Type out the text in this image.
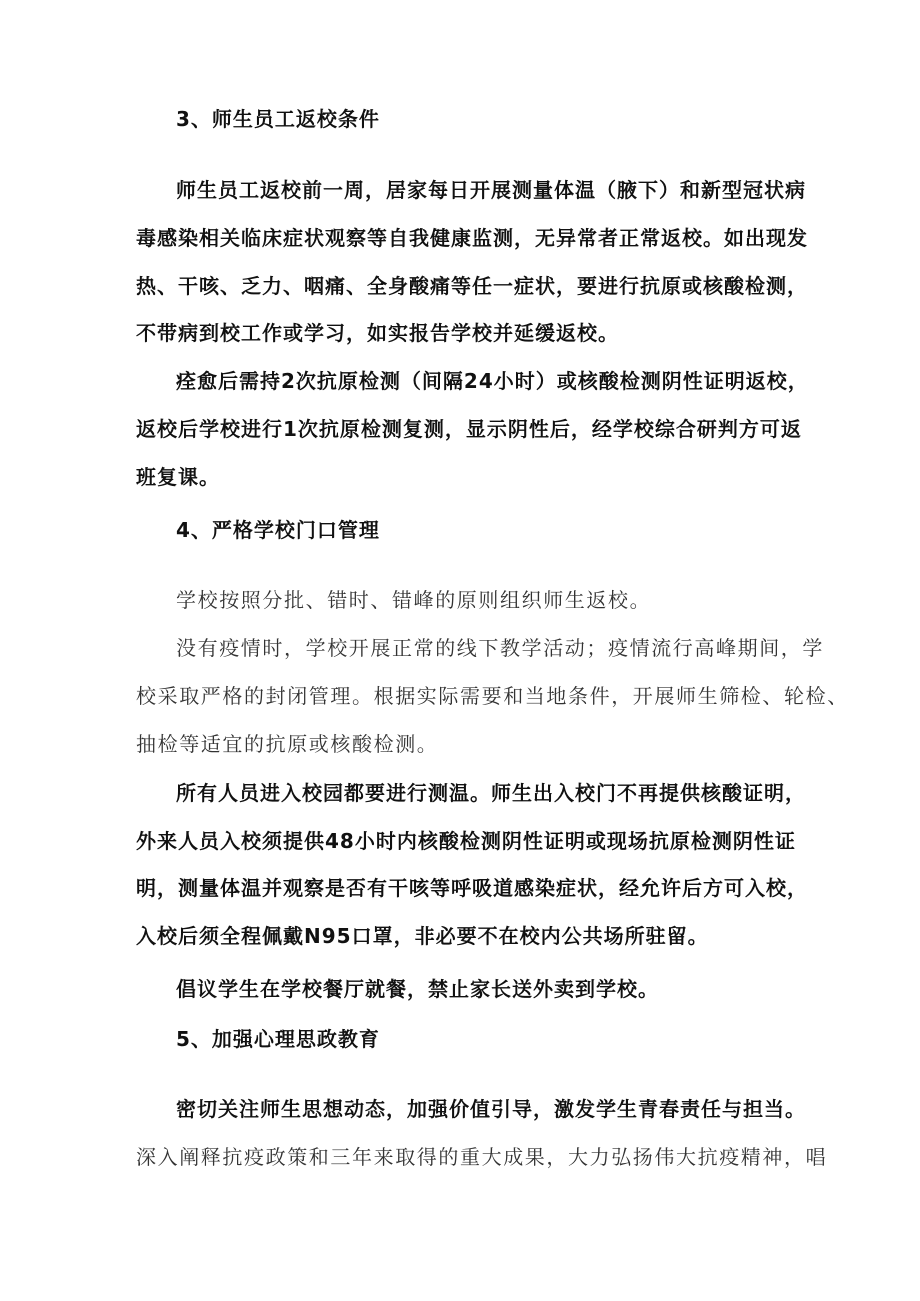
3、师生员工返校条件
师生员工返校前一周，居家每日开展测量体温（腋下）和新型冠状病
毒感染相关临床症状观察等自我健康监测，无异常者正常返校。如出现发
热、干咳、乏力、咽痛、全身酸痛等任一症状，要进行抗原或核酸检测，
不带病到校工作或学习，如实报告学校并延缓返校。
痊愈后需持2次抗原检测（间隔24小时）或核酸检测阴性证明返校，
返校后学校进行1次抗原检测复测，显示阴性后，经学校综合研判方可返
班复课。
4、严格学校门口管理
学校按照分批、错时、错峰的原则组织师生返校。
没有疫情时，学校开展正常的线下教学活动；疫情流行高峰期间，学
校采取严格的封闭管理。根据实际需要和当地条件，开展师生筛检、轮检、
抽检等适宜的抗原或核酸检测。
所有人员进入校园都要进行测温。师生出入校门不再提供核酸证明，
外来人员入校须提供48小时内核酸检测阴性证明或现场抗原检测阴性证
明，测量体温并观察是否有干咳等呼吸道感染症状，经允许后方可入校，
入校后须全程佩戴N95口罩，非必要不在校内公共场所驻留。
倡议学生在学校餐厅就餐，禁止家长送外卖到学校。
5、加强心理思政教育
密切关注师生思想动态，加强价值引导，激发学生青春责任与担当。
深入阐释抗疫政策和三年来取得的重大成果，大力弘扬伟大抗疫精神，唱
